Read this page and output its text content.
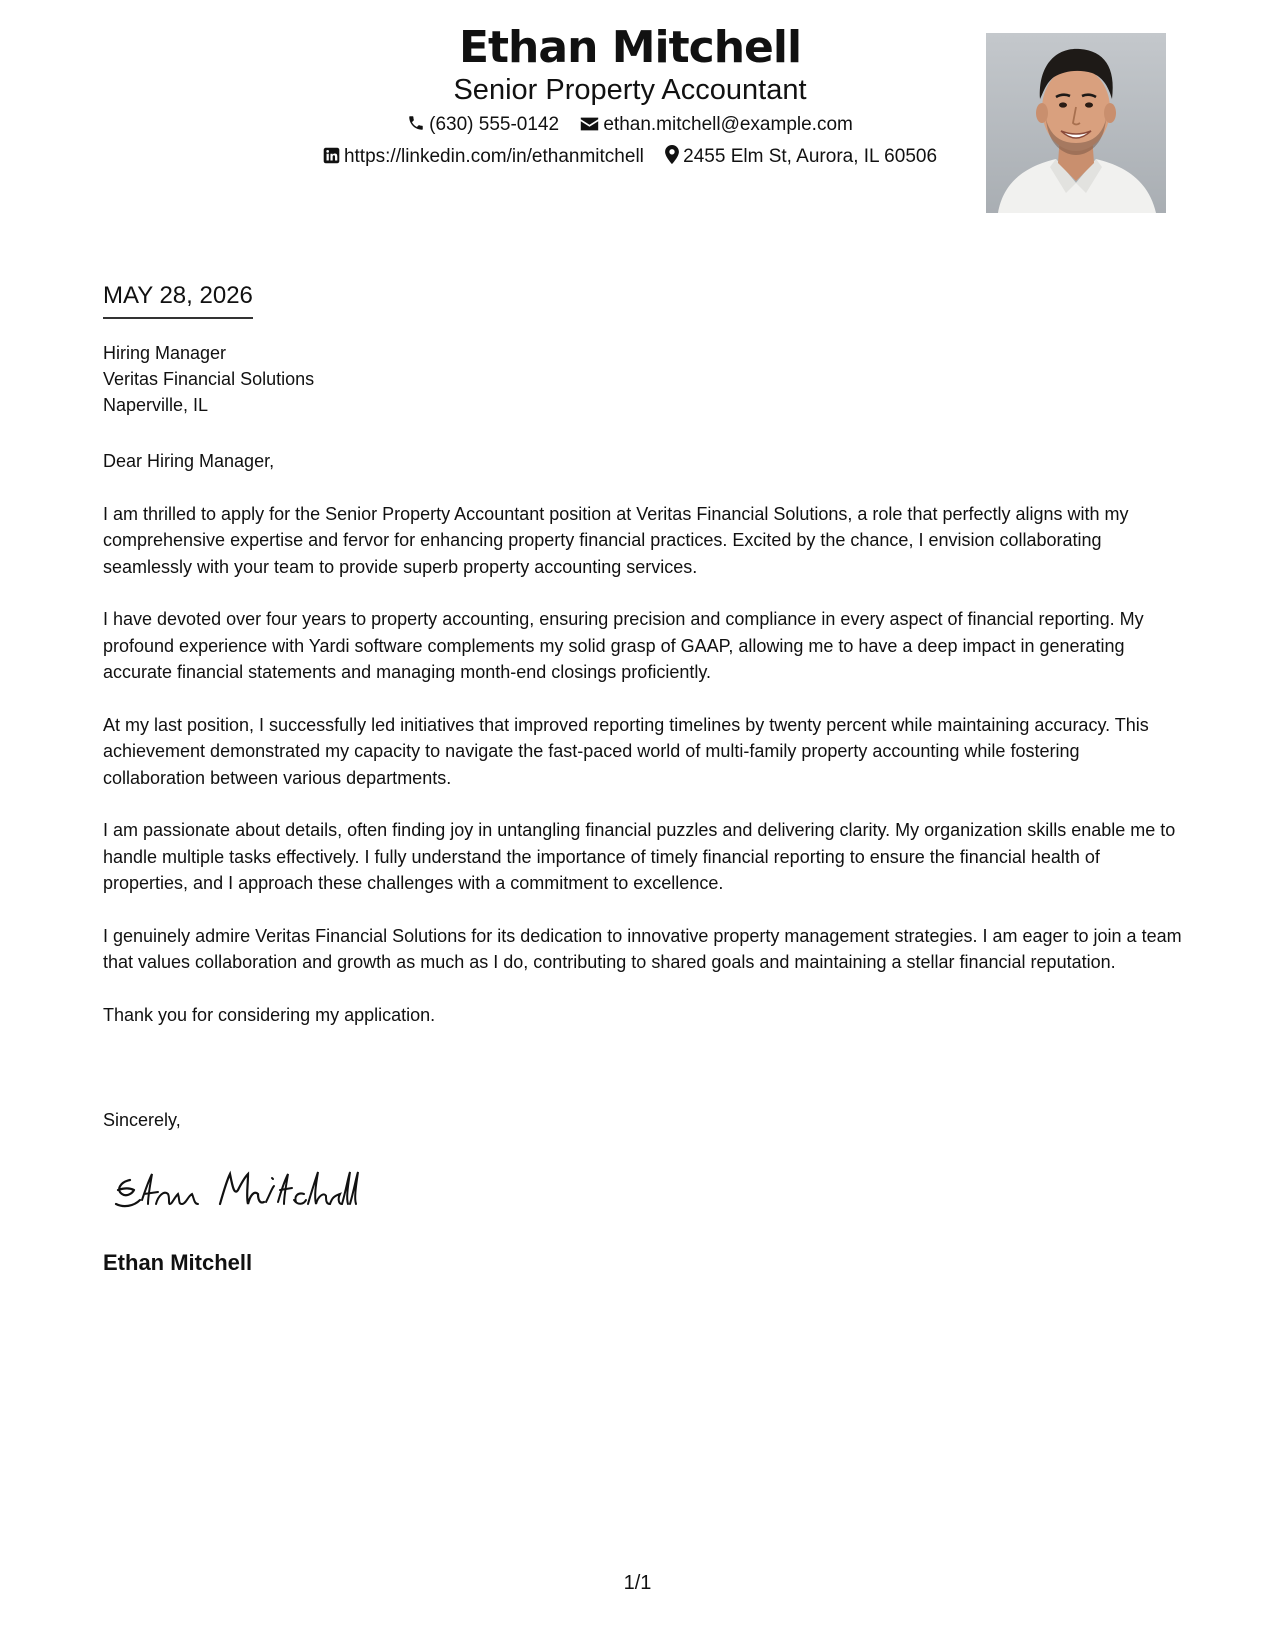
Ethan Mitchell
Senior Property Accountant
(630) 555-0142 ethan.mitchell@example.com
https://linkedin.com/in/ethanmitchell 2455 Elm St, Aurora, IL 60506
MAY 28, 2026
Hiring Manager
Veritas Financial Solutions
Naperville, IL

Dear Hiring Manager,

I am thrilled to apply for the Senior Property Accountant position at Veritas Financial Solutions, a role that perfectly aligns with my comprehensive expertise and fervor for enhancing property financial practices. Excited by the chance, I envision collaborating seamlessly with your team to provide superb property accounting services.

I have devoted over four years to property accounting, ensuring precision and compliance in every aspect of financial reporting. My profound experience with Yardi software complements my solid grasp of GAAP, allowing me to have a deep impact in generating accurate financial statements and managing month-end closings proficiently.

At my last position, I successfully led initiatives that improved reporting timelines by twenty percent while maintaining accuracy. This achievement demonstrated my capacity to navigate the fast-paced world of multi-family property accounting while fostering collaboration between various departments.

I am passionate about details, often finding joy in untangling financial puzzles and delivering clarity. My organization skills enable me to handle multiple tasks effectively. I fully understand the importance of timely financial reporting to ensure the financial health of properties, and I approach these challenges with a commitment to excellence.

I genuinely admire Veritas Financial Solutions for its dedication to innovative property management strategies. I am eager to join a team that values collaboration and growth as much as I do, contributing to shared goals and maintaining a stellar financial reputation.

Thank you for considering my application.

Sincerely,
Ethan Mitchell
1/1
